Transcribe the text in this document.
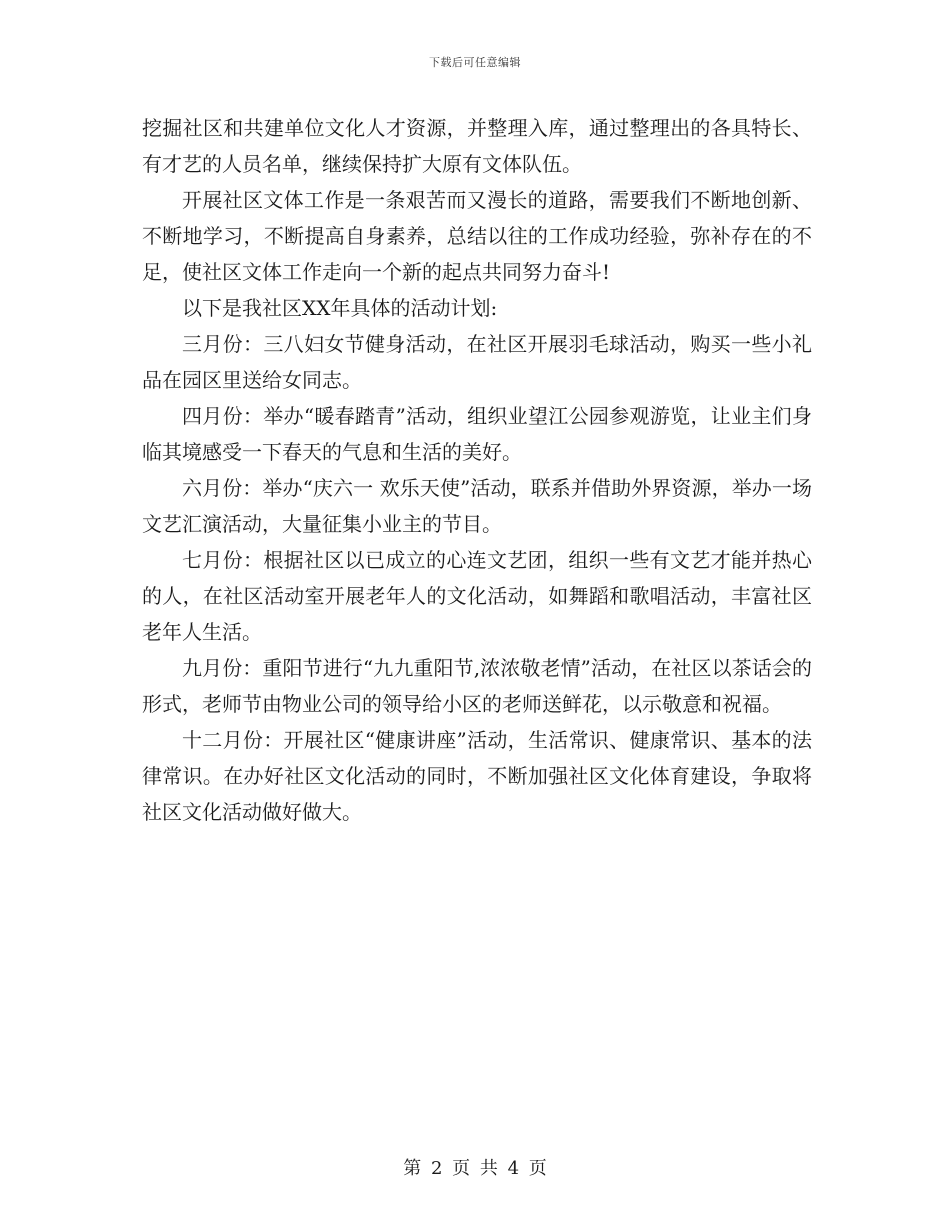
下载后可任意编辑

挖掘社区和共建单位文化人才资源，并整理入库，通过整理出的各具特长、有才艺的人员名单，继续保持扩大原有文体队伍。

开展社区文体工作是一条艰苦而又漫长的道路，需要我们不断地创新、不断地学习，不断提高自身素养，总结以往的工作成功经验，弥补存在的不足，使社区文体工作走向一个新的起点共同努力奋斗!

以下是我社区XX年具体的活动计划:

三月份：三八妇女节健身活动，在社区开展羽毛球活动，购买一些小礼品在园区里送给女同志。

四月份：举办“暖春踏青”活动，组织业望江公园参观游览，让业主们身临其境感受一下春天的气息和生活的美好。

六月份：举办“庆六一 欢乐天使”活动，联系并借助外界资源，举办一场文艺汇演活动，大量征集小业主的节目。

七月份：根据社区以已成立的心连文艺团，组织一些有文艺才能并热心的人，在社区活动室开展老年人的文化活动，如舞蹈和歌唱活动，丰富社区老年人生活。

九月份：重阳节进行“九九重阳节,浓浓敬老情”活动，在社区以茶话会的形式，老师节由物业公司的领导给小区的老师送鲜花，以示敬意和祝福。

十二月份：开展社区“健康讲座”活动，生活常识、健康常识、基本的法律常识。在办好社区文化活动的同时，不断加强社区文化体育建设，争取将社区文化活动做好做大。

第 2 页 共 4 页
